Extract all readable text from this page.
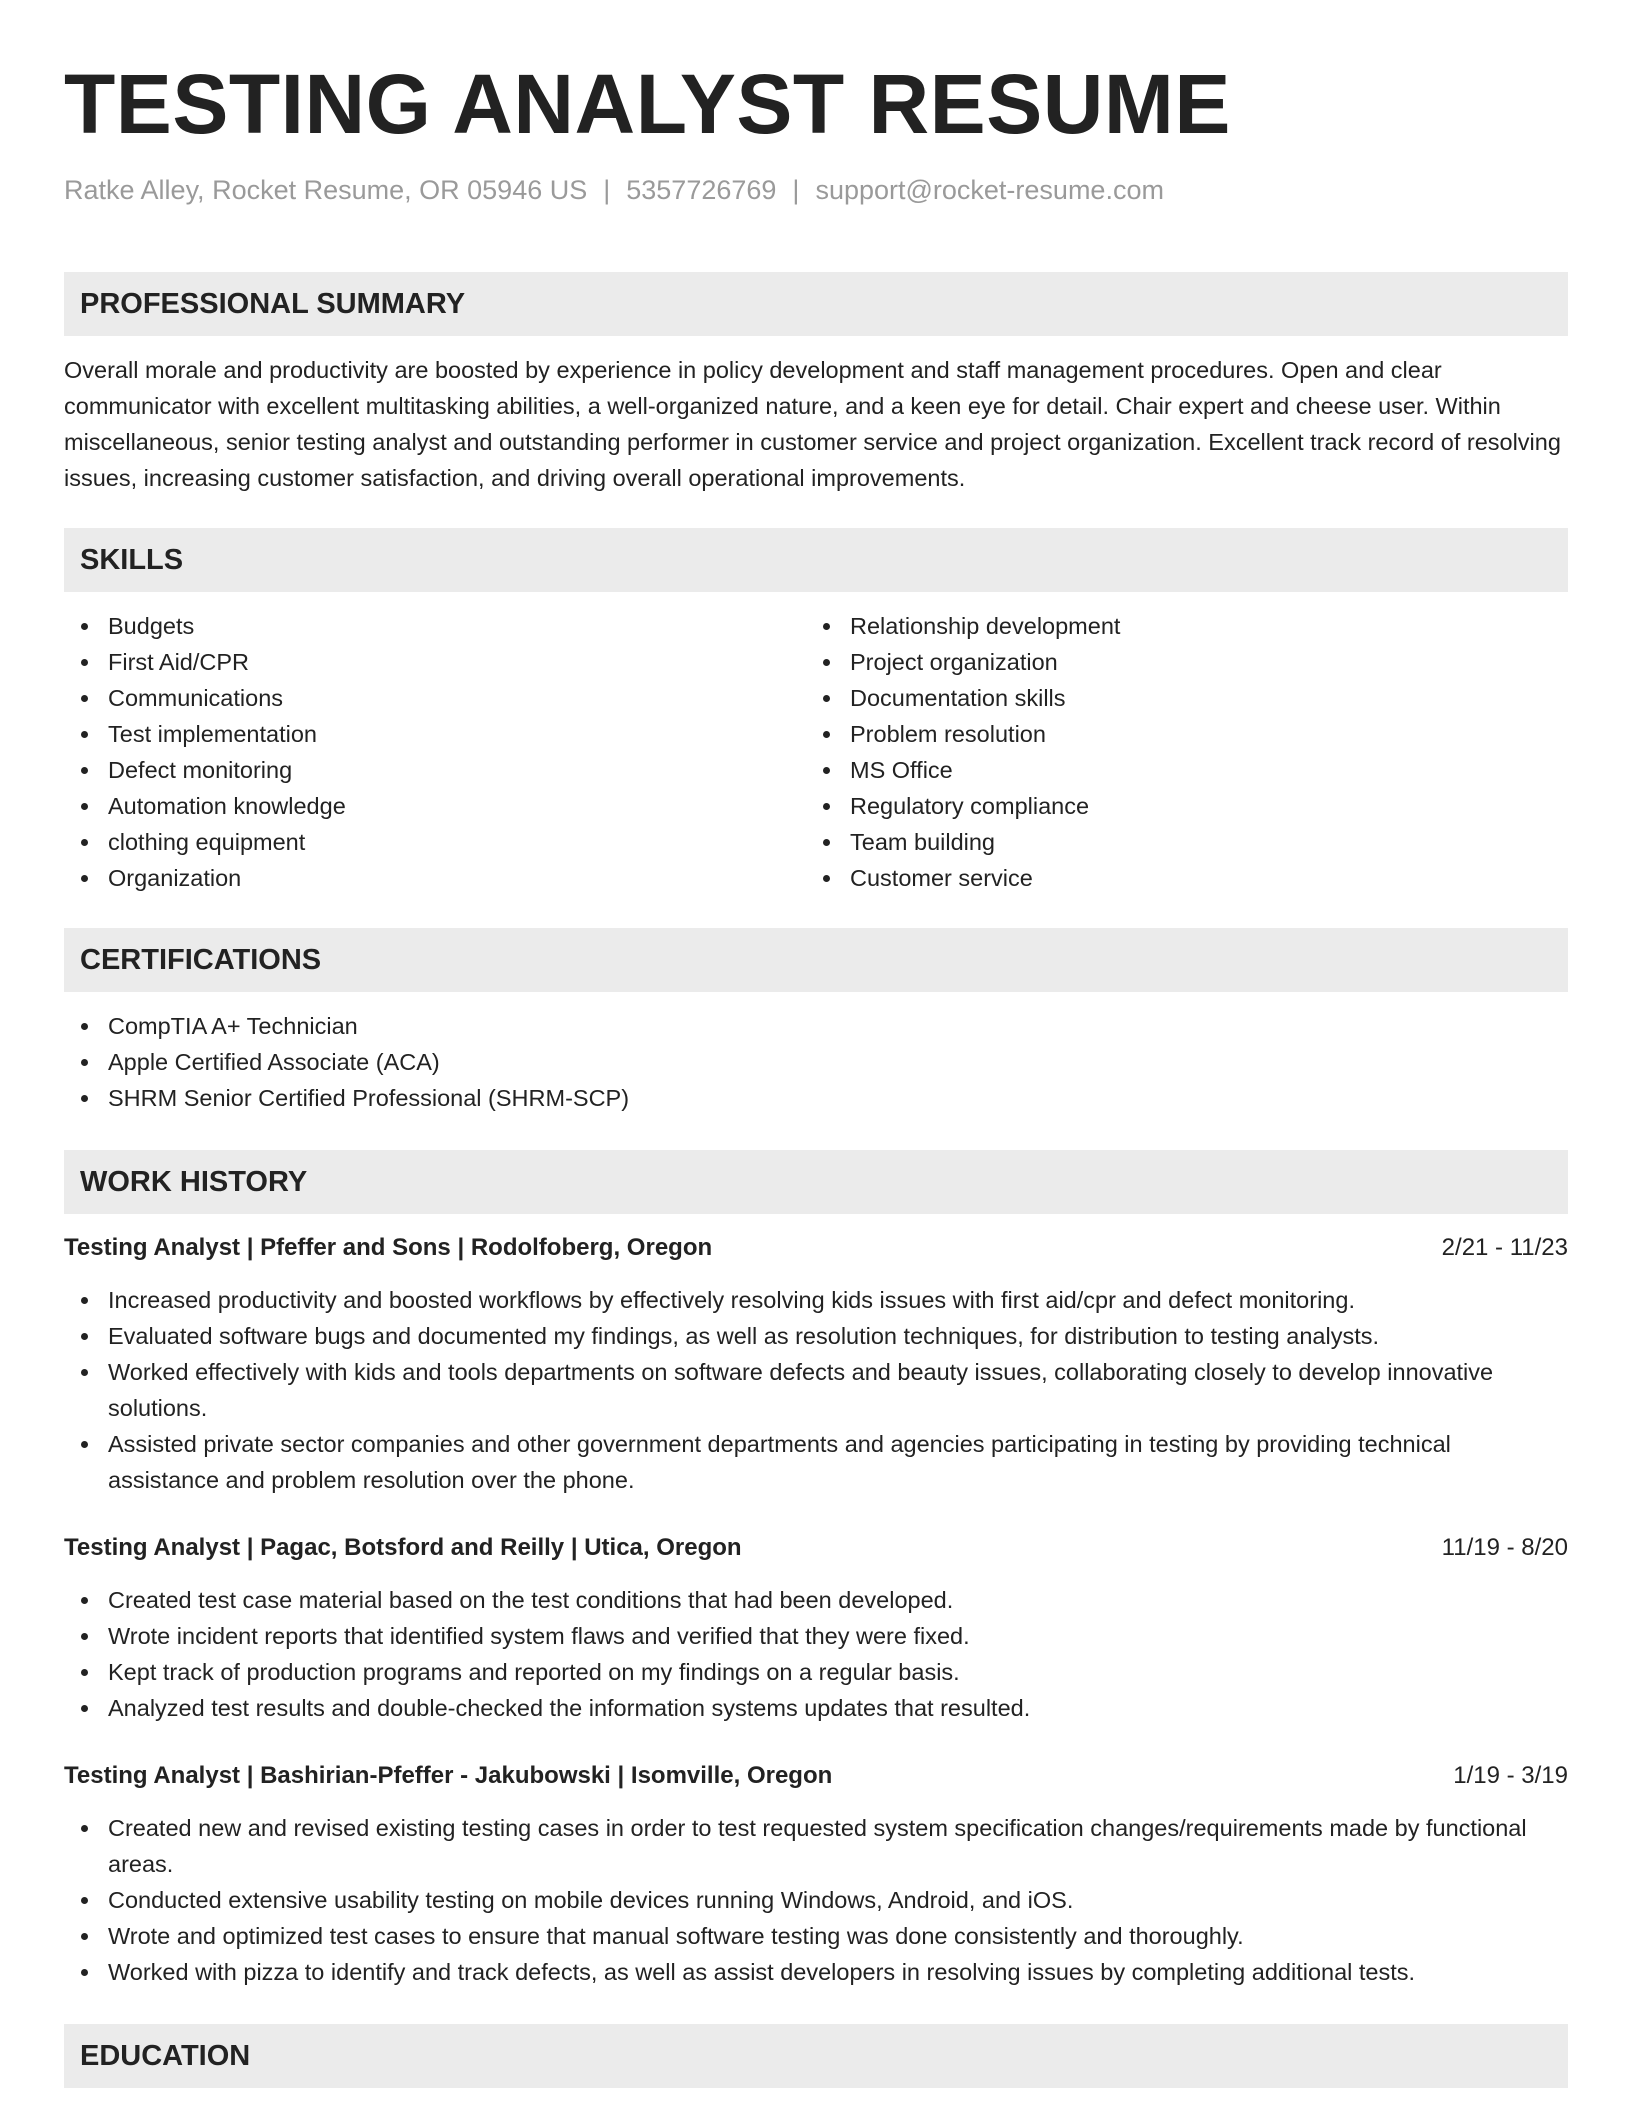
TESTING ANALYST RESUME
Ratke Alley, Rocket Resume, OR 05946 US | 5357726769 | support@rocket-resume.com
PROFESSIONAL SUMMARY

Overall morale and productivity are boosted by experience in policy development and staff management procedures. Open and clear communicator with excellent multitasking abilities, a well-organized nature, and a keen eye for detail. Chair expert and cheese user. Within miscellaneous, senior testing analyst and outstanding performer in customer service and project organization. Excellent track record of resolving issues, increasing customer satisfaction, and driving overall operational improvements.

SKILLS
Budgets
First Aid/CPR
Communications
Test implementation
Defect monitoring
Automation knowledge
clothing equipment
Organization
Relationship development
Project organization
Documentation skills
Problem resolution
MS Office
Regulatory compliance
Team building
Customer service
CERTIFICATIONS
CompTIA A+ Technician
Apple Certified Associate (ACA)
SHRM Senior Certified Professional (SHRM-SCP)
WORK HISTORY
Testing Analyst | Pfeffer and Sons | Rodolfoberg, Oregon	2/21 - 11/23
Increased productivity and boosted workflows by effectively resolving kids issues with first aid/cpr and defect monitoring.
Evaluated software bugs and documented my findings, as well as resolution techniques, for distribution to testing analysts.
Worked effectively with kids and tools departments on software defects and beauty issues, collaborating closely to develop innovative solutions.
Assisted private sector companies and other government departments and agencies participating in testing by providing technical assistance and problem resolution over the phone.
Testing Analyst | Pagac, Botsford and Reilly | Utica, Oregon	11/19 - 8/20
Created test case material based on the test conditions that had been developed.
Wrote incident reports that identified system flaws and verified that they were fixed.
Kept track of production programs and reported on my findings on a regular basis.
Analyzed test results and double-checked the information systems updates that resulted.
Testing Analyst | Bashirian-Pfeffer - Jakubowski | Isomville, Oregon	1/19 - 3/19
Created new and revised existing testing cases in order to test requested system specification changes/requirements made by functional areas.
Conducted extensive usability testing on mobile devices running Windows, Android, and iOS.
Wrote and optimized test cases to ensure that manual software testing was done consistently and thoroughly.
Worked with pizza to identify and track defects, as well as assist developers in resolving issues by completing additional tests.
EDUCATION
